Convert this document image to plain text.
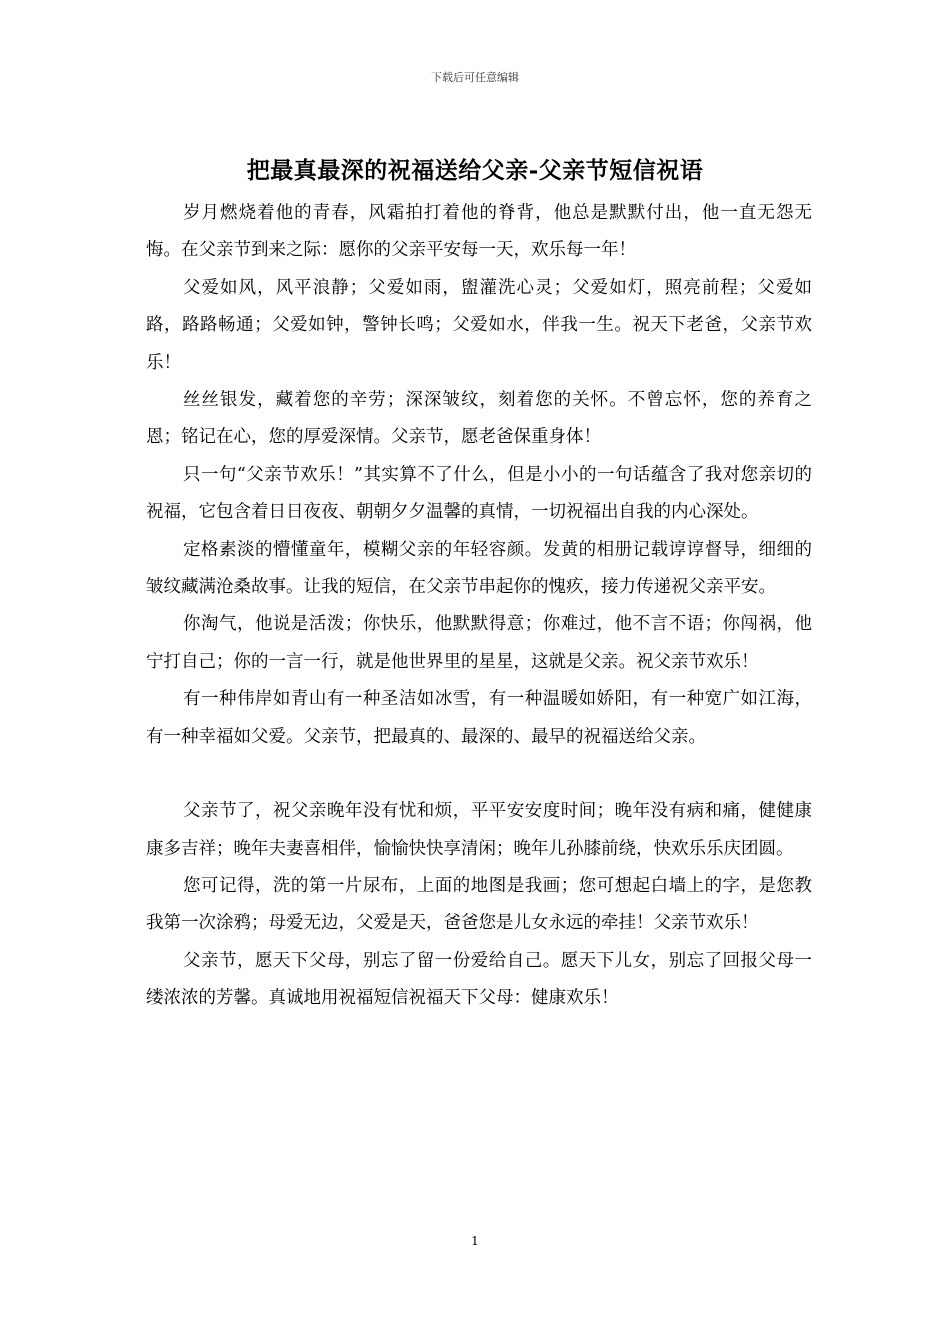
下载后可任意编辑
把最真最深的祝福送给父亲-父亲节短信祝语

岁月燃烧着他的青春，风霜拍打着他的脊背，他总是默默付出，他一直无怨无悔。在父亲节到来之际：愿你的父亲平安每一天，欢乐每一年！

父爱如风，风平浪静；父爱如雨，盥灌洗心灵；父爱如灯，照亮前程；父爱如路，路路畅通；父爱如钟，警钟长鸣；父爱如水，伴我一生。祝天下老爸，父亲节欢乐！

丝丝银发，藏着您的辛劳；深深皱纹，刻着您的关怀。不曾忘怀，您的养育之恩；铭记在心，您的厚爱深情。父亲节，愿老爸保重身体！

只一句“父亲节欢乐！”其实算不了什么，但是小小的一句话蕴含了我对您亲切的祝福，它包含着日日夜夜、朝朝夕夕温馨的真情，一切祝福出自我的内心深处。

定格素淡的懵懂童年，模糊父亲的年轻容颜。发黄的相册记载谆谆督导，细细的皱纹藏满沧桑故事。让我的短信，在父亲节串起你的愧疚，接力传递祝父亲平安。

你淘气，他说是活泼；你快乐，他默默得意；你难过，他不言不语；你闯祸，他宁打自己；你的一言一行，就是他世界里的星星，这就是父亲。祝父亲节欢乐！

有一种伟岸如青山有一种圣洁如冰雪，有一种温暖如娇阳，有一种宽广如江海，有一种幸福如父爱。父亲节，把最真的、最深的、最早的祝福送给父亲。

父亲节了，祝父亲晚年没有忧和烦，平平安安度时间；晚年没有病和痛，健健康康多吉祥；晚年夫妻喜相伴，愉愉快快享清闲；晚年儿孙膝前绕，快欢乐乐庆团圆。

您可记得，洗的第一片尿布，上面的地图是我画；您可想起白墙上的字，是您教我第一次涂鸦；母爱无边，父爱是天，爸爸您是儿女永远的牵挂！父亲节欢乐！

父亲节，愿天下父母，别忘了留一份爱给自己。愿天下儿女，别忘了回报父母一缕浓浓的芳馨。真诚地用祝福短信祝福天下父母：健康欢乐！

1
